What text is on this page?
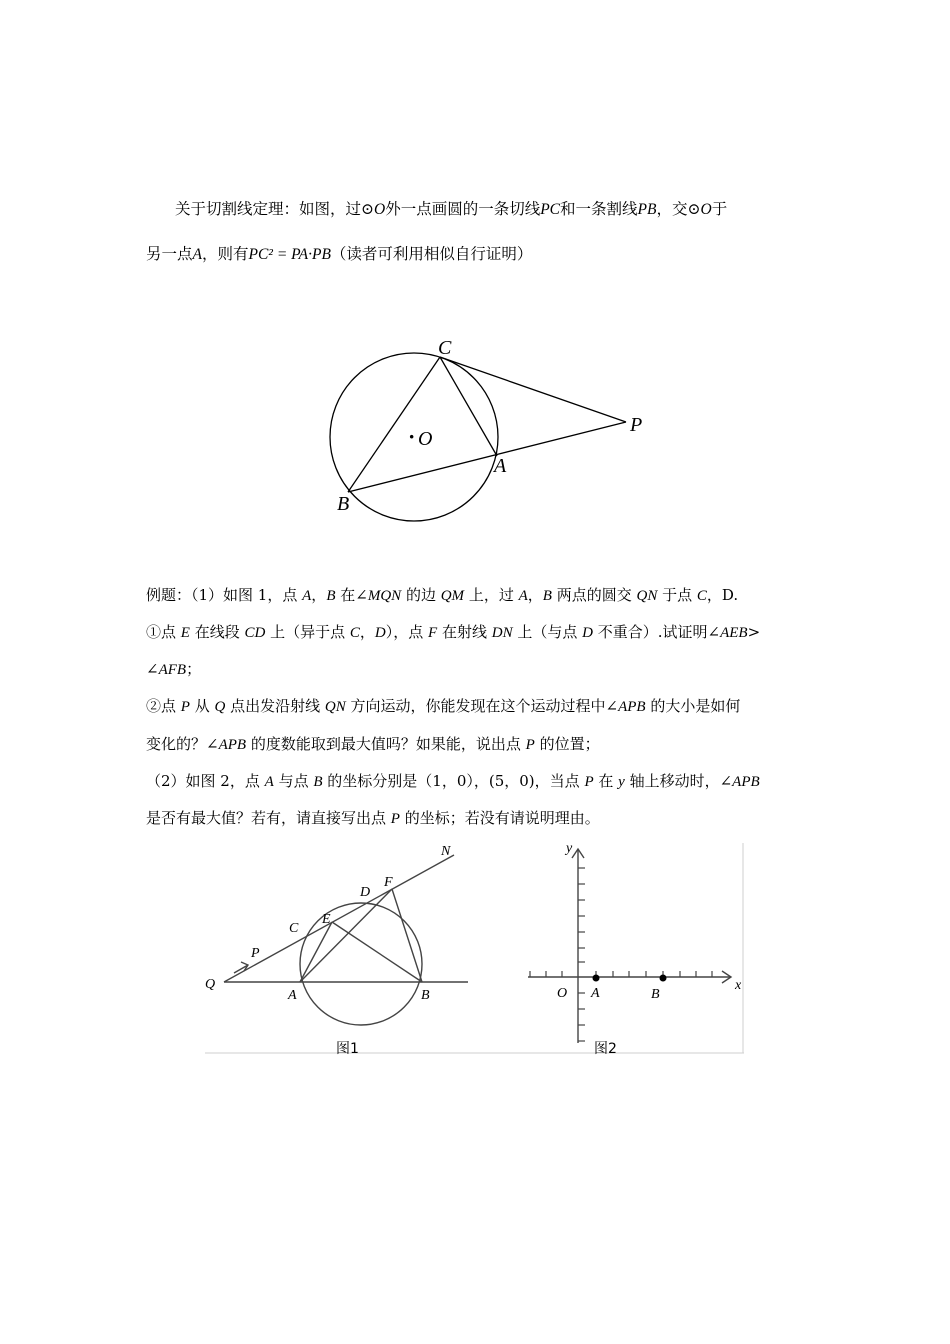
关于切割线定理：如图，过⊙O外一点画圆的一条切线PC和一条割线PB，交⊙O于
另一点A，则有PC² = PA·PB（读者可利用相似自行证明）
C
P
· O
A
B
例题：（1）如图 1，点 A，B 在∠MQN 的边 QM 上，过 A，B 两点的圆交 QN 于点 C，D.
①点 E 在线段 CD 上（异于点 C，D），点 F 在射线 DN 上（与点 D 不重合）.试证明∠AEB>
∠AFB；
②点 P 从 Q 点出发沿射线 QN 方向运动，你能发现在这个运动过程中∠APB 的大小是如何
变化的？∠APB 的度数能取到最大值吗？如果能，说出点 P 的位置；
（2）如图 2，点 A 与点 B 的坐标分别是（1，0），(5，0)，当点 P 在 y 轴上移动时，∠APB
是否有最大值？若有，请直接写出点 P 的坐标；若没有请说明理由。
N
F
D
E
C
P
Q
A	B
图1
y
O A	B
x
图2
